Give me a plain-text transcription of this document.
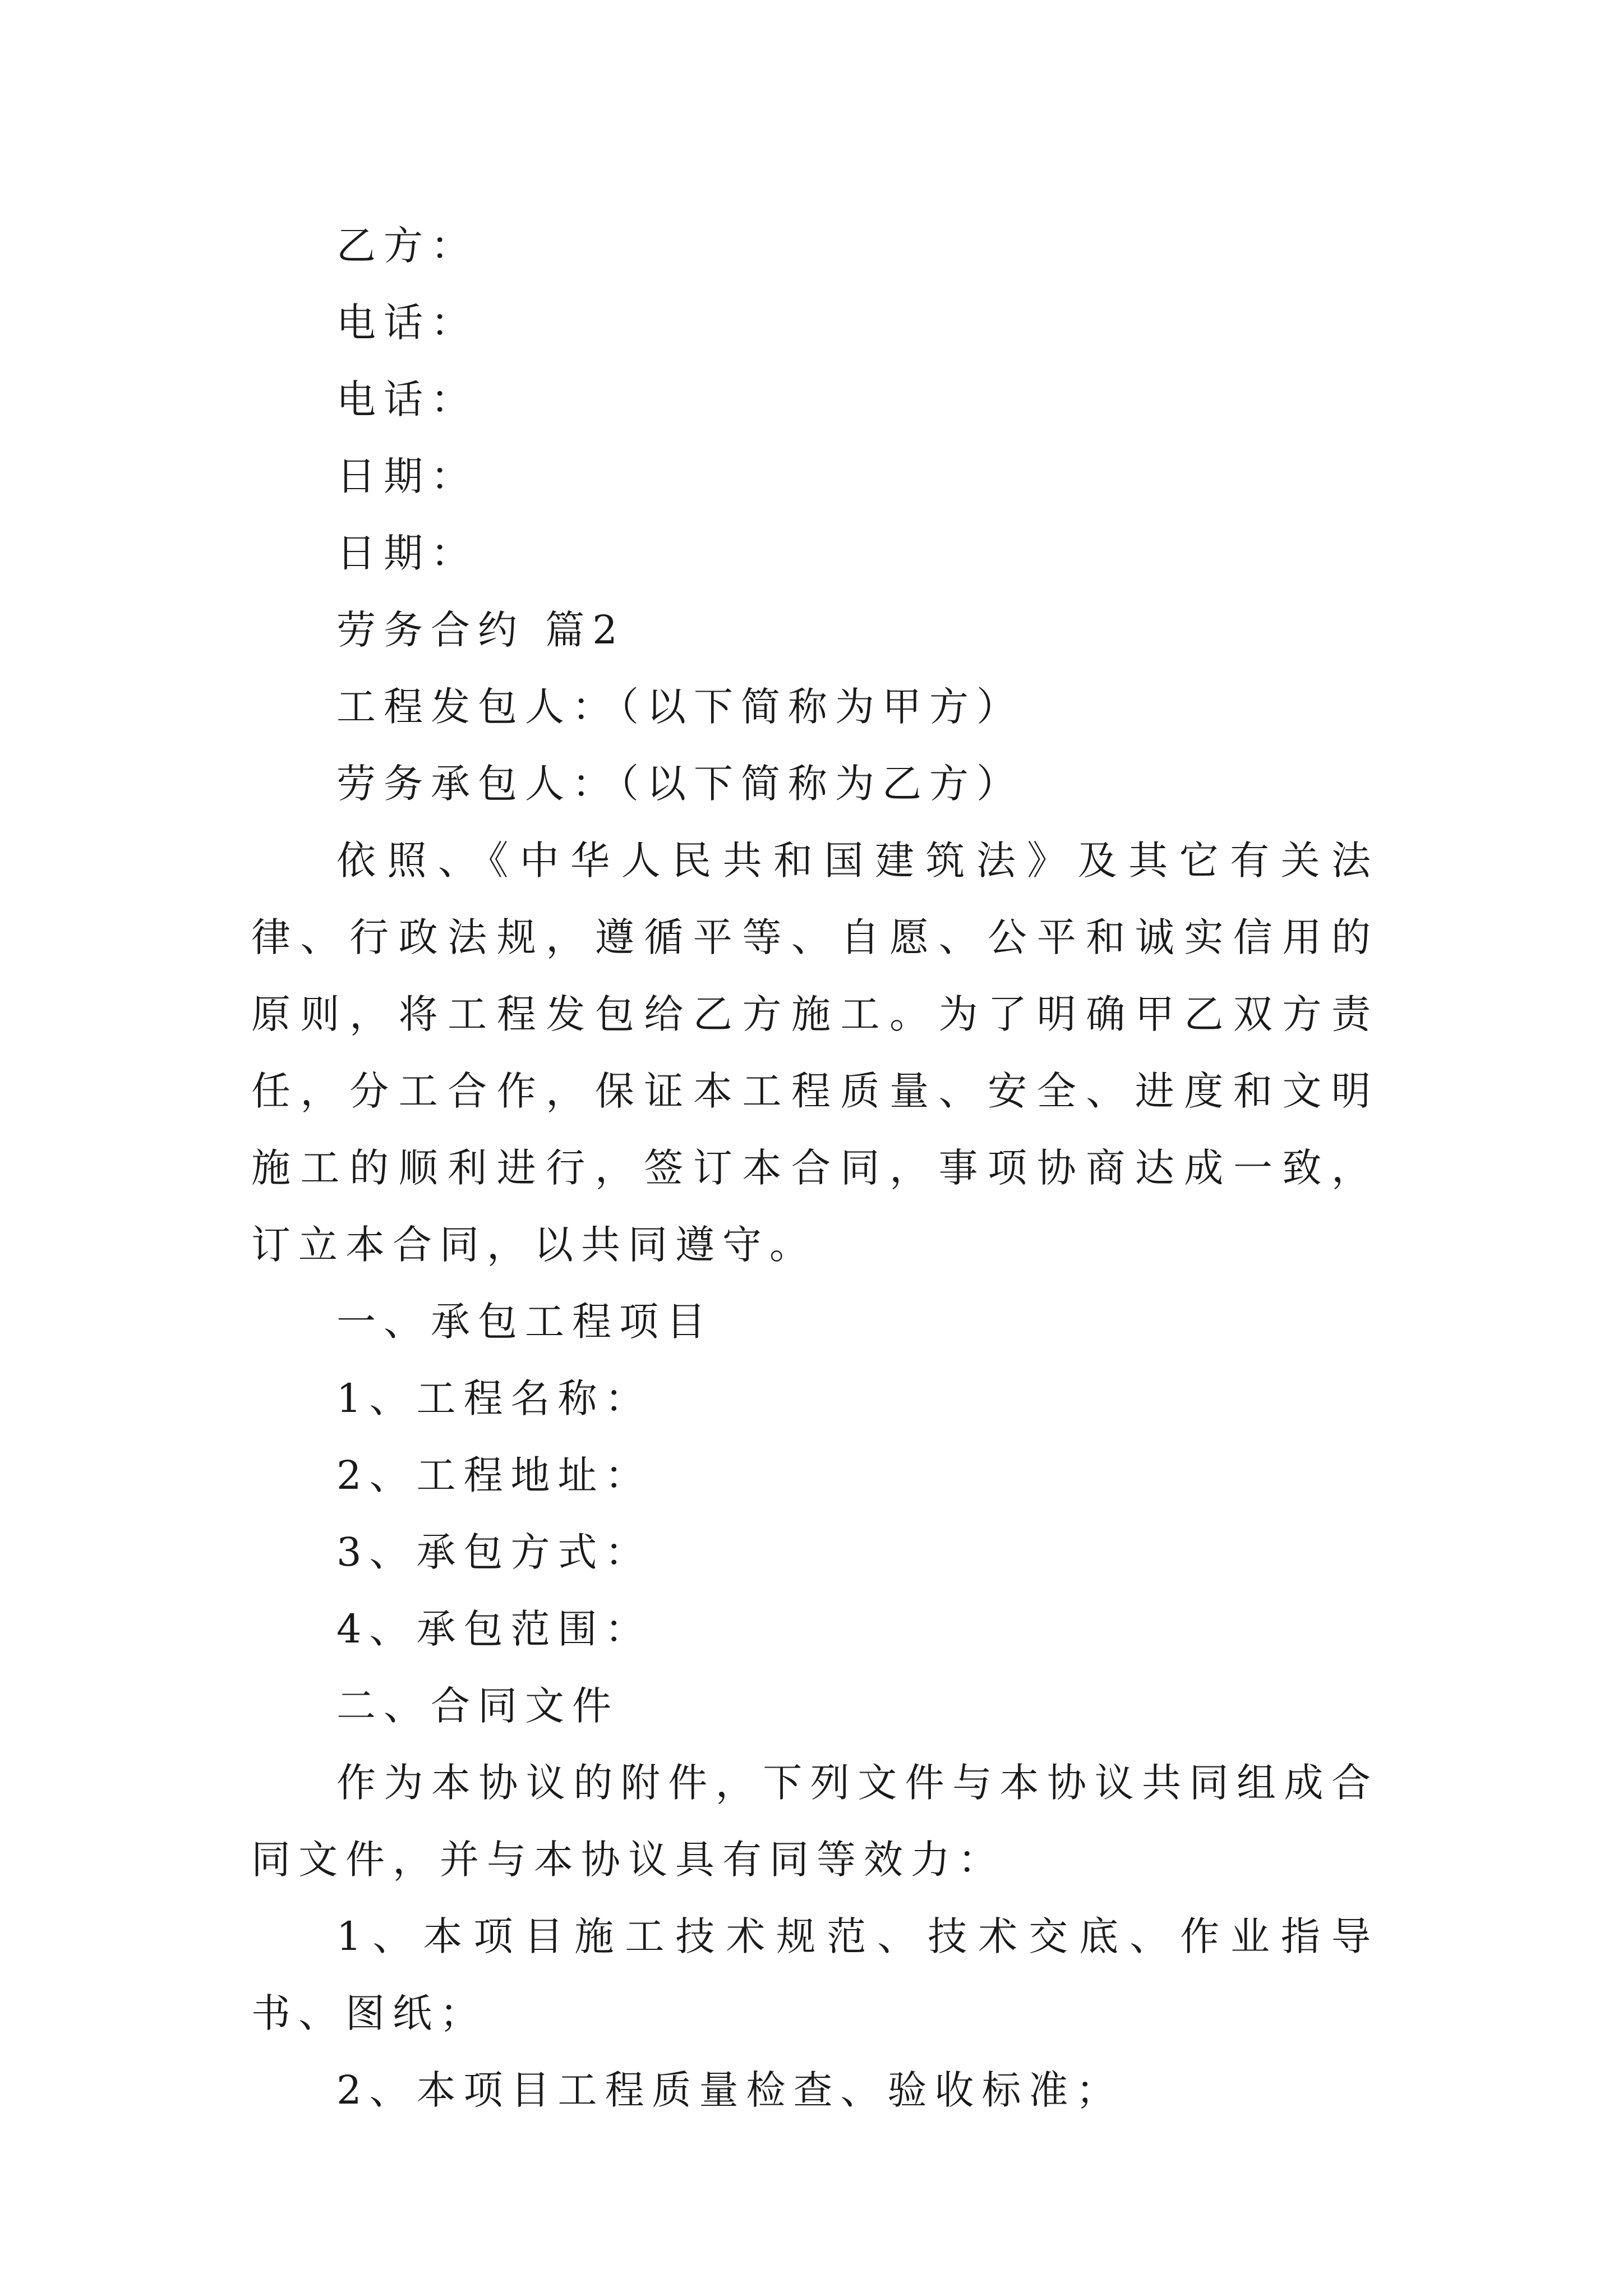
乙方：
电话：
电话：
日期：
日期：
劳务合约 篇2
工程发包人：（以下简称为甲方）
劳务承包人：（以下简称为乙方）

依照、《中华人民共和国建筑法》及其它有关法律、行政法规，遵循平等、自愿、公平和诚实信用的原则，将工程发包给乙方施工。为了明确甲乙双方责任，分工合作，保证本工程质量、安全、进度和文明施工的顺利进行，签订本合同，事项协商达成一致，订立本合同，以共同遵守。

一、承包工程项目
1、工程名称：
2、工程地址：
3、承包方式：
4、承包范围：
二、合同文件

作为本协议的附件，下列文件与本协议共同组成合同文件，并与本协议具有同等效力：

1、本项目施工技术规范、技术交底、作业指导书、图纸；

2、本项目工程质量检查、验收标准；
